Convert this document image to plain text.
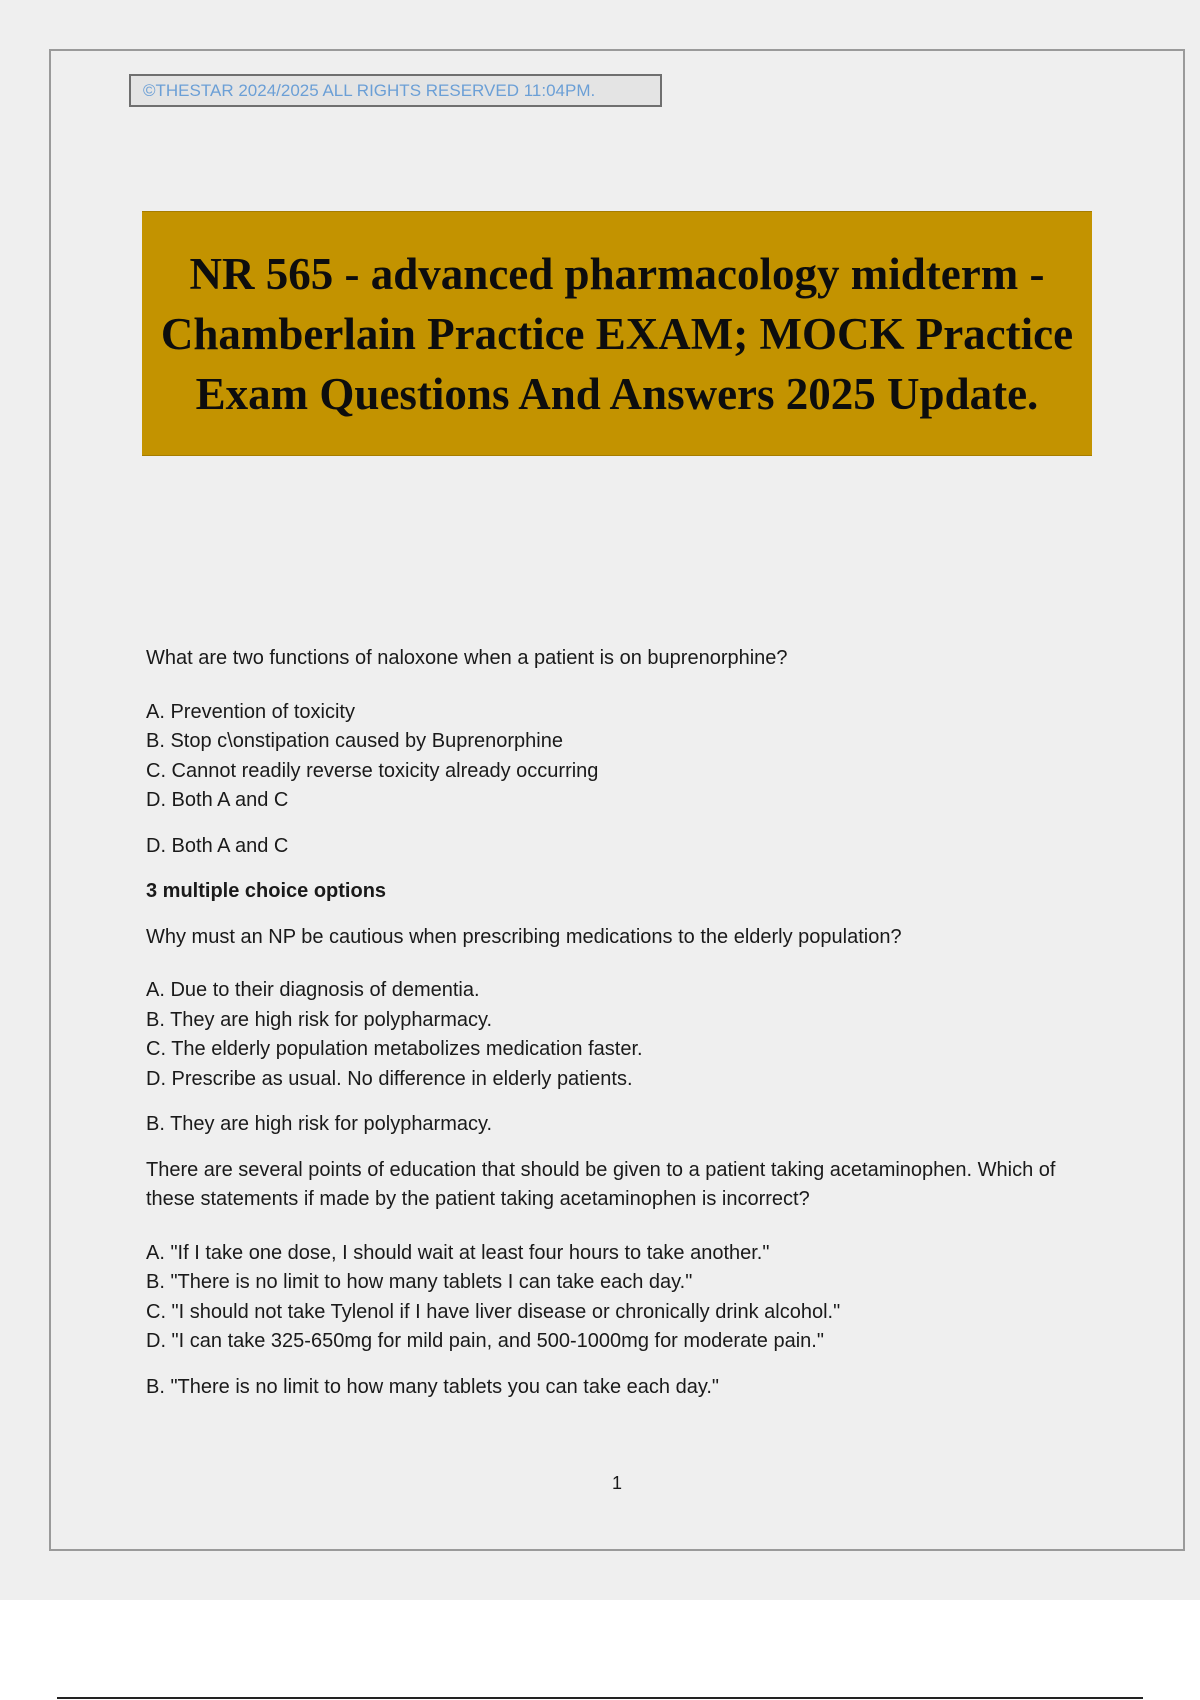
©THESTAR 2024/2025 ALL RIGHTS RESERVED 11:04PM.
NR 565 - advanced pharmacology midterm - Chamberlain Practice EXAM; MOCK Practice Exam Questions And Answers 2025 Update.

What are two functions of naloxone when a patient is on buprenorphine?

A. Prevention of toxicity

B. Stop c\onstipation caused by Buprenorphine

C. Cannot readily reverse toxicity already occurring

D. Both A and C

D. Both A and C

3 multiple choice options

Why must an NP be cautious when prescribing medications to the elderly population?

A. Due to their diagnosis of dementia.

B. They are high risk for polypharmacy.

C. The elderly population metabolizes medication faster.

D. Prescribe as usual. No difference in elderly patients.

B. They are high risk for polypharmacy.

There are several points of education that should be given to a patient taking acetaminophen. Which of these statements if made by the patient taking acetaminophen is incorrect?

A. "If I take one dose, I should wait at least four hours to take another."

B. "There is no limit to how many tablets I can take each day."

C. "I should not take Tylenol if I have liver disease or chronically drink alcohol."

D. "I can take 325-650mg for mild pain, and 500-1000mg for moderate pain."

B. "There is no limit to how many tablets you can take each day."

1
